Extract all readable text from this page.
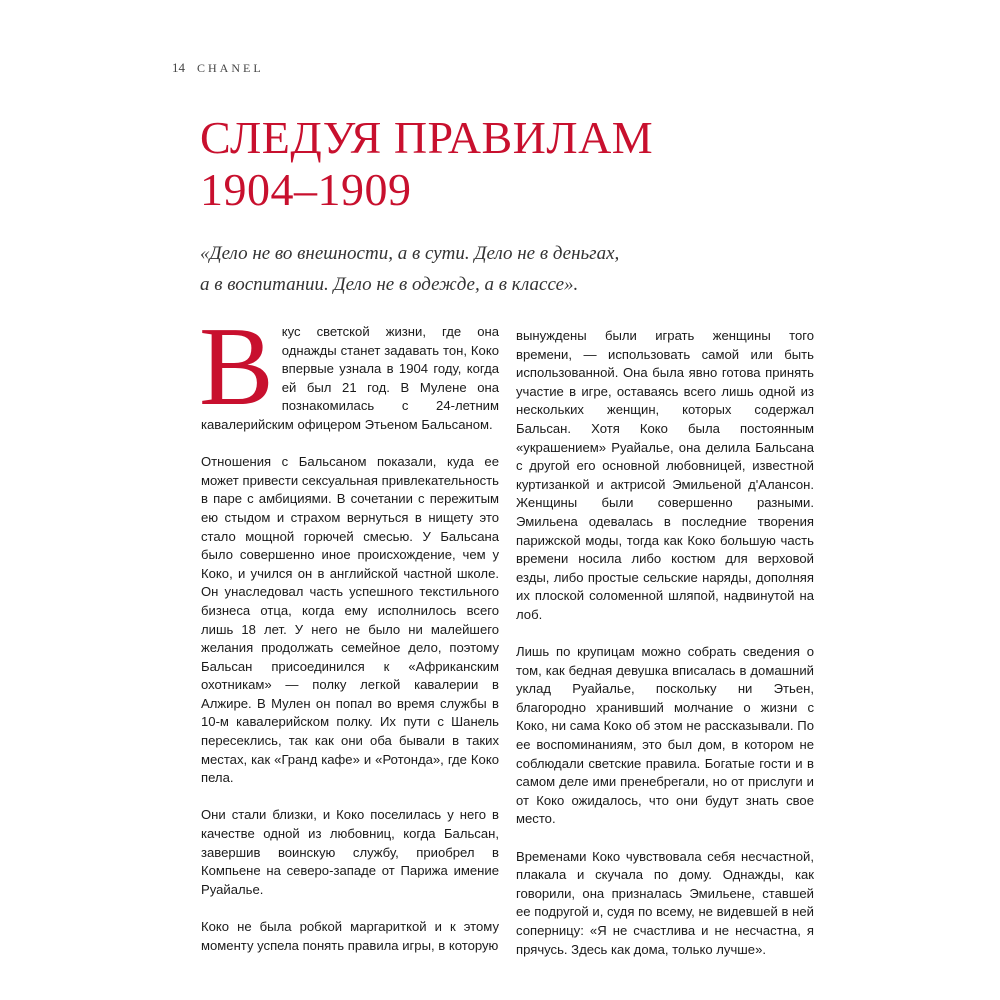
14 CHANEL
СЛЕДУЯ ПРАВИЛАМ
1904–1909

«Дело не во внешности, а в сути. Дело не в деньгах,
а в воспитании. Дело не в одежде, а в классе».

Вкус светской жизни, где она однажды станет задавать тон, Коко впервые узнала в 1904 году, когда ей был 21 год. В Мулене она познакомилась с 24-летним кавалерийским офицером Этьеном Бальсаном.

Отношения с Бальсаном показали, куда ее может привести сексуальная привлекательность в паре с амбициями. В сочетании с пережитым ею стыдом и страхом вернуться в нищету это стало мощной горючей смесью. У Бальсана было совершенно иное происхождение, чем у Коко, и учился он в английской частной школе. Он унаследовал часть успешного текстильного бизнеса отца, когда ему исполнилось всего лишь 18 лет. У него не было ни малейшего желания продолжать семейное дело, поэтому Бальсан присоединился к «Африканским охотникам» — полку легкой кавалерии в Алжире. В Мулен он попал во время службы в 10-м кавалерийском полку. Их пути с Шанель пересеклись, так как они оба бывали в таких местах, как «Гранд кафе» и «Ротонда», где Коко пела.

Они стали близки, и Коко поселилась у него в качестве одной из любовниц, когда Бальсан, завершив воинскую службу, приобрел в Компьене на северо-западе от Парижа имение Руайальe.

Коко не была робкой маргариткой и к этому моменту успела понять правила игры, в которую

вынуждены были играть женщины того времени, — использовать самой или быть использованной. Она была явно готова принять участие в игре, оставаясь всего лишь одной из нескольких женщин, которых содержал Бальсан. Хотя Коко была постоянным «украшением» Руайальe, она делила Бальсана с другой его основной любовницей, известной куртизанкой и актрисой Эмильеной д'Алансон. Женщины были совершенно разными. Эмильена одевалась в последние творения парижской моды, тогда как Коко большую часть времени носила либо костюм для верховой езды, либо простые сельские наряды, дополняя их плоской соломенной шляпой, надвинутой на лоб.

Лишь по крупицам можно собрать сведения о том, как бедная девушка вписалась в домашний уклад Руайальe, поскольку ни Этьен, благородно хранивший молчание о жизни с Коко, ни сама Коко об этом не рассказывали. По ее воспоминаниям, это был дом, в котором не соблюдали светские правила. Богатые гости и в самом деле ими пренебрегали, но от прислуги и от Коко ожидалось, что они будут знать свое место.

Временами Коко чувствовала себя несчастной, плакала и скучала по дому. Однажды, как говорили, она призналась Эмильене, ставшей ее подругой и, судя по всему, не видевшей в ней соперницу: «Я не счастлива и не несчастна, я прячусь. Здесь как дома, только лучше».
